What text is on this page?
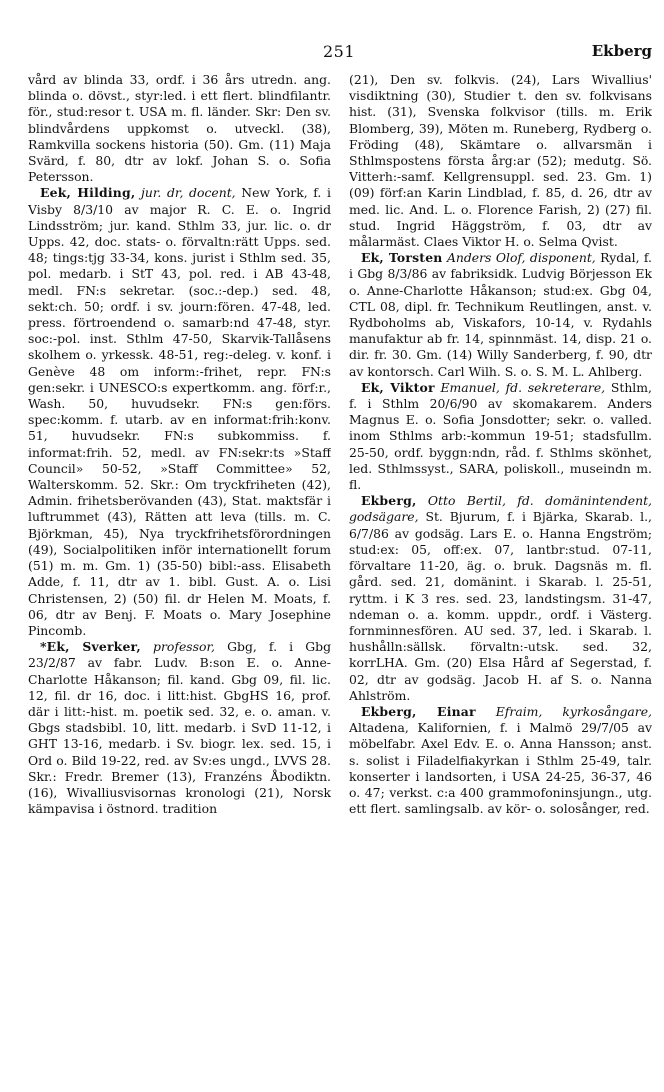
251	Ekberg

vård av blinda 33, ordf. i 36 års utredn. ang. blinda o. dövst., styr:led. i ett flert. blindfilantr. för., stud:resor t. USA m. fl. länder. Skr: Den sv. blindvårdens uppkomst o. utveckl. (38), Ramkvilla sockens historia (50). Gm. (11) Maja Svärd, f. 80, dtr av lokf. Johan S. o. Sofia Petersson.

Eek, Hilding, jur. dr, docent, New York, f. i Visby 8/3/10 av major R. C. E. o. Ingrid Lindsström; jur. kand. Sthlm 33, jur. lic. o. dr Upps. 42, doc. stats- o. förvaltn:rätt Upps. sed. 48; tings:tjg 33-34, kons. jurist i Sthlm sed. 35, pol. medarb. i StT 43, pol. red. i AB 43-48, medl. FN:s sekretar. (soc.:-dep.) sed. 48, sekt:ch. 50; ordf. i sv. journ:fören. 47-48, led. press. förtroendend o. samarb:nd 47-48, styr. soc:-pol. inst. Sthlm 47-50, Skarvik-Tallåsens skolhem o. yrkessk. 48-51, reg:-deleg. v. konf. i Genève 48 om inform:-frihet, repr. FN:s gen:sekr. i UNESCO:s expertkomm. ang. förf:r., Wash. 50, huvudsekr. FN:s gen:förs. spec:komm. f. utarb. av en informat:frih:konv. 51, huvudsekr. FN:s subkommiss. f. informat:frih. 52, medl. av FN:sekr:ts »Staff Council» 50-52, »Staff Committee» 52, Walterskomm. 52. Skr.: Om tryckfriheten (42), Admin. frihetsberövanden (43), Stat. maktsfär i luftrummet (43), Rätten att leva (tills. m. C. Björkman, 45), Nya tryckfrihetsförordningen (49), Socialpolitiken inför internationellt forum (51) m. m. Gm. 1) (35-50) bibl:-ass. Elisabeth Adde, f. 11, dtr av 1. bibl. Gust. A. o. Lisi Christensen, 2) (50) fil. dr Helen M. Moats, f. 06, dtr av Benj. F. Moats o. Mary Josephine Pincomb.

*Ek, Sverker, professor, Gbg, f. i Gbg 23/2/87 av fabr. Ludv. B:son E. o. Anne-Charlotte Håkanson; fil. kand. Gbg 09, fil. lic. 12, fil. dr 16, doc. i litt:hist. GbgHS 16, prof. där i litt:-hist. m. poetik sed. 32, e. o. aman. v. Gbgs stadsbibl. 10, litt. medarb. i SvD 11-12, i GHT 13-16, medarb. i Sv. biogr. lex. sed. 15, i Ord o. Bild 19-22, red. av Sv:es ungd., LVVS 28. Skr.: Fredr. Bremer (13), Franzéns Åbodiktn. (16), Wivalliusvisornas kronologi (21), Norsk kämpavisa i östnord. tradition

(21), Den sv. folkvis. (24), Lars Wivallius' visdiktning (30), Studier t. den sv. folkvisans hist. (31), Svenska folkvisor (tills. m. Erik Blomberg, 39), Möten m. Runeberg, Rydberg o. Fröding (48), Skämtare o. allvarsmän i Sthlmspostens första årg:ar (52); medutg. Sö. Vitterh:-samf. Kellgrensuppl. sed. 23. Gm. 1) (09) förf:an Karin Lindblad, f. 85, d. 26, dtr av med. lic. And. L. o. Florence Farish, 2) (27) fil. stud. Ingrid Häggström, f. 03, dtr av målarmäst. Claes Viktor H. o. Selma Qvist.

Ek, Torsten Anders Olof, disponent, Rydal, f. i Gbg 8/3/86 av fabriksidk. Ludvig Börjesson Ek o. Anne-Charlotte Håkanson; stud:ex. Gbg 04, CTL 08, dipl. fr. Technikum Reutlingen, anst. v. Rydboholms ab, Viskafors, 10-14, v. Rydahls manufaktur ab fr. 14, spinnmäst. 14, disp. 21 o. dir. fr. 30. Gm. (14) Willy Sanderberg, f. 90, dtr av kontorsch. Carl Wilh. S. o. S. M. L. Ahlberg.

Ek, Viktor Emanuel, fd. sekreterare, Sthlm, f. i Sthlm 20/6/90 av skomakarem. Anders Magnus E. o. Sofia Jonsdotter; sekr. o. valled. inom Sthlms arb:-kommun 19-51; stadsfullm. 25-50, ordf. byggn:ndn, råd. f. Sthlms skönhet, led. Sthlmssyst., SARA, poliskoll., museindn m. fl.

Ekberg, Otto Bertil, fd. domänintendent, godsägare, St. Bjurum, f. i Bjärka, Skarab. l., 6/7/86 av godsäg. Lars E. o. Hanna Engström; stud:ex: 05, off:ex. 07, lantbr:stud. 07-11, förvaltare 11-20, äg. o. bruk. Dagsnäs m. fl. gård. sed. 21, domänint. i Skarab. l. 25-51, ryttm. i K 3 res. sed. 23, landstingsm. 31-47, ndeman o. a. komm. uppdr., ordf. i Västerg. fornminnesfören. AU sed. 37, led. i Skarab. l. hushålln:sällsk. förvaltn:-utsk. sed. 32, korrLHA. Gm. (20) Elsa Hård af Segerstad, f. 02, dtr av godsäg. Jacob H. af S. o. Nanna Ahlström.

Ekberg, Einar Efraim, kyrkosångare, Altadena, Kalifornien, f. i Malmö 29/7/05 av möbelfabr. Axel Edv. E. o. Anna Hansson; anst. s. solist i Filadelfiakyrkan i Sthlm 25-49, talr. konserter i landsorten, i USA 24-25, 36-37, 46 o. 47; verkst. c:a 400 grammofoninsjungn., utg. ett flert. samlingsalb. av kör- o. solosånger, red.
